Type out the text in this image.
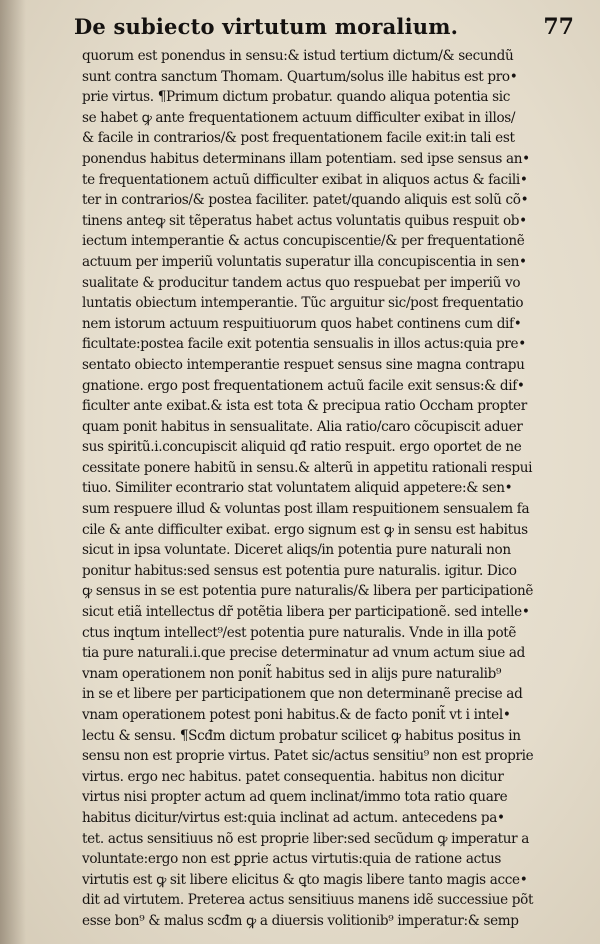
De subiecto virtutum moralium.	77
quorum est ponendus in sensu:& istud tertium dictum/& secundũ
sunt contra sanctum Thomam. Quartum/solus ille habitus est pro•
prie virtus. ¶Primum dictum probatur. quando aliqua potentia sic
se habet ꝙ ante frequentationem actuum difficulter exibat in illos/
& facile in contrarios/& post frequentationem facile exit:in tali est
ponendus habitus determinans illam potentiam. sed ipse sensus an•
te frequentationem actuũ difficulter exibat in aliquos actus & facili•
ter in contrarios/& postea faciliter. patet/quando aliquis est solũ cõ•
tinens anteꝙ sit tẽperatus habet actus voluntatis quibus respuit ob•
iectum intemperantie & actus concupiscentie/& per frequentationẽ
actuum per imperiũ voluntatis superatur illa concupiscentia in sen•
sualitate & producitur tandem actus quo respuebat per imperiũ vo
luntatis obiectum intemperantie. Tũc arguitur sic/post frequentatio
nem istorum actuum respuitiuorum quos habet continens cum dif•
ficultate:postea facile exit potentia sensualis in illos actus:quia pre•
sentato obiecto intemperantie respuet sensus sine magna contrapu
gnatione. ergo post frequentationem actuũ facile exit sensus:& dif•
ficulter ante exibat.& ista est tota & precipua ratio Occham propter
quam ponit habitus in sensualitate. Alia ratio/caro cõcupiscit aduer
sus spiritũ.i.concupiscit aliquid qđ ratio respuit. ergo oportet de ne
cessitate ponere habitũ in sensu.& alterũ in appetitu rationali respui
tiuo. Similiter econtrario stat voluntatem aliquid appetere:& sen•
sum respuere illud & voluntas post illam respuitionem sensualem fa
cile & ante difficulter exibat. ergo signum est ꝙ in sensu est habitus
sicut in ipsa voluntate. Diceret aliqs/in potentia pure naturali non
ponitur habitus:sed sensus est potentia pure naturalis. igitur. Dico
ꝙ sensus in se est potentia pure naturalis/& libera per participationẽ
sicut etiã intellectus dr̃ potẽtia libera per participationẽ. sed intelle•
ctus inqtum intellect⁹/est potentia pure naturalis. Vnde in illa potẽ
tia pure naturali.i.que precise determinatur ad vnum actum siue ad
vnam operationem non ponit̃ habitus sed in alijs pure naturalib⁹
in se et libere per participationem que non determinanẽ precise ad
vnam operationem potest poni habitus.& de facto ponit̃ vt i intel•
lectu & sensu. ¶Scđm dictum probatur scilicet ꝙ habitus positus in
sensu non est proprie virtus. Patet sic/actus sensitiu⁹ non est proprie
virtus. ergo nec habitus. patet consequentia. habitus non dicitur
virtus nisi propter actum ad quem inclinat/immo tota ratio quare
habitus dicitur/virtus est:quia inclinat ad actum. antecedens pa•
tet. actus sensitiuus nõ est proprie liber:sed secũdum ꝙ imperatur a
voluntate:ergo non est ꝑprie actus virtutis:quia de ratione actus
virtutis est ꝙ sit libere elicitus & ꝗto magis libere tanto magis acce•
dit ad virtutem. Preterea actus sensitiuus manens idẽ successiue põt
esse bon⁹ & malus scđm ꝙ a diuersis volitionib⁹ imperatur:& semp
